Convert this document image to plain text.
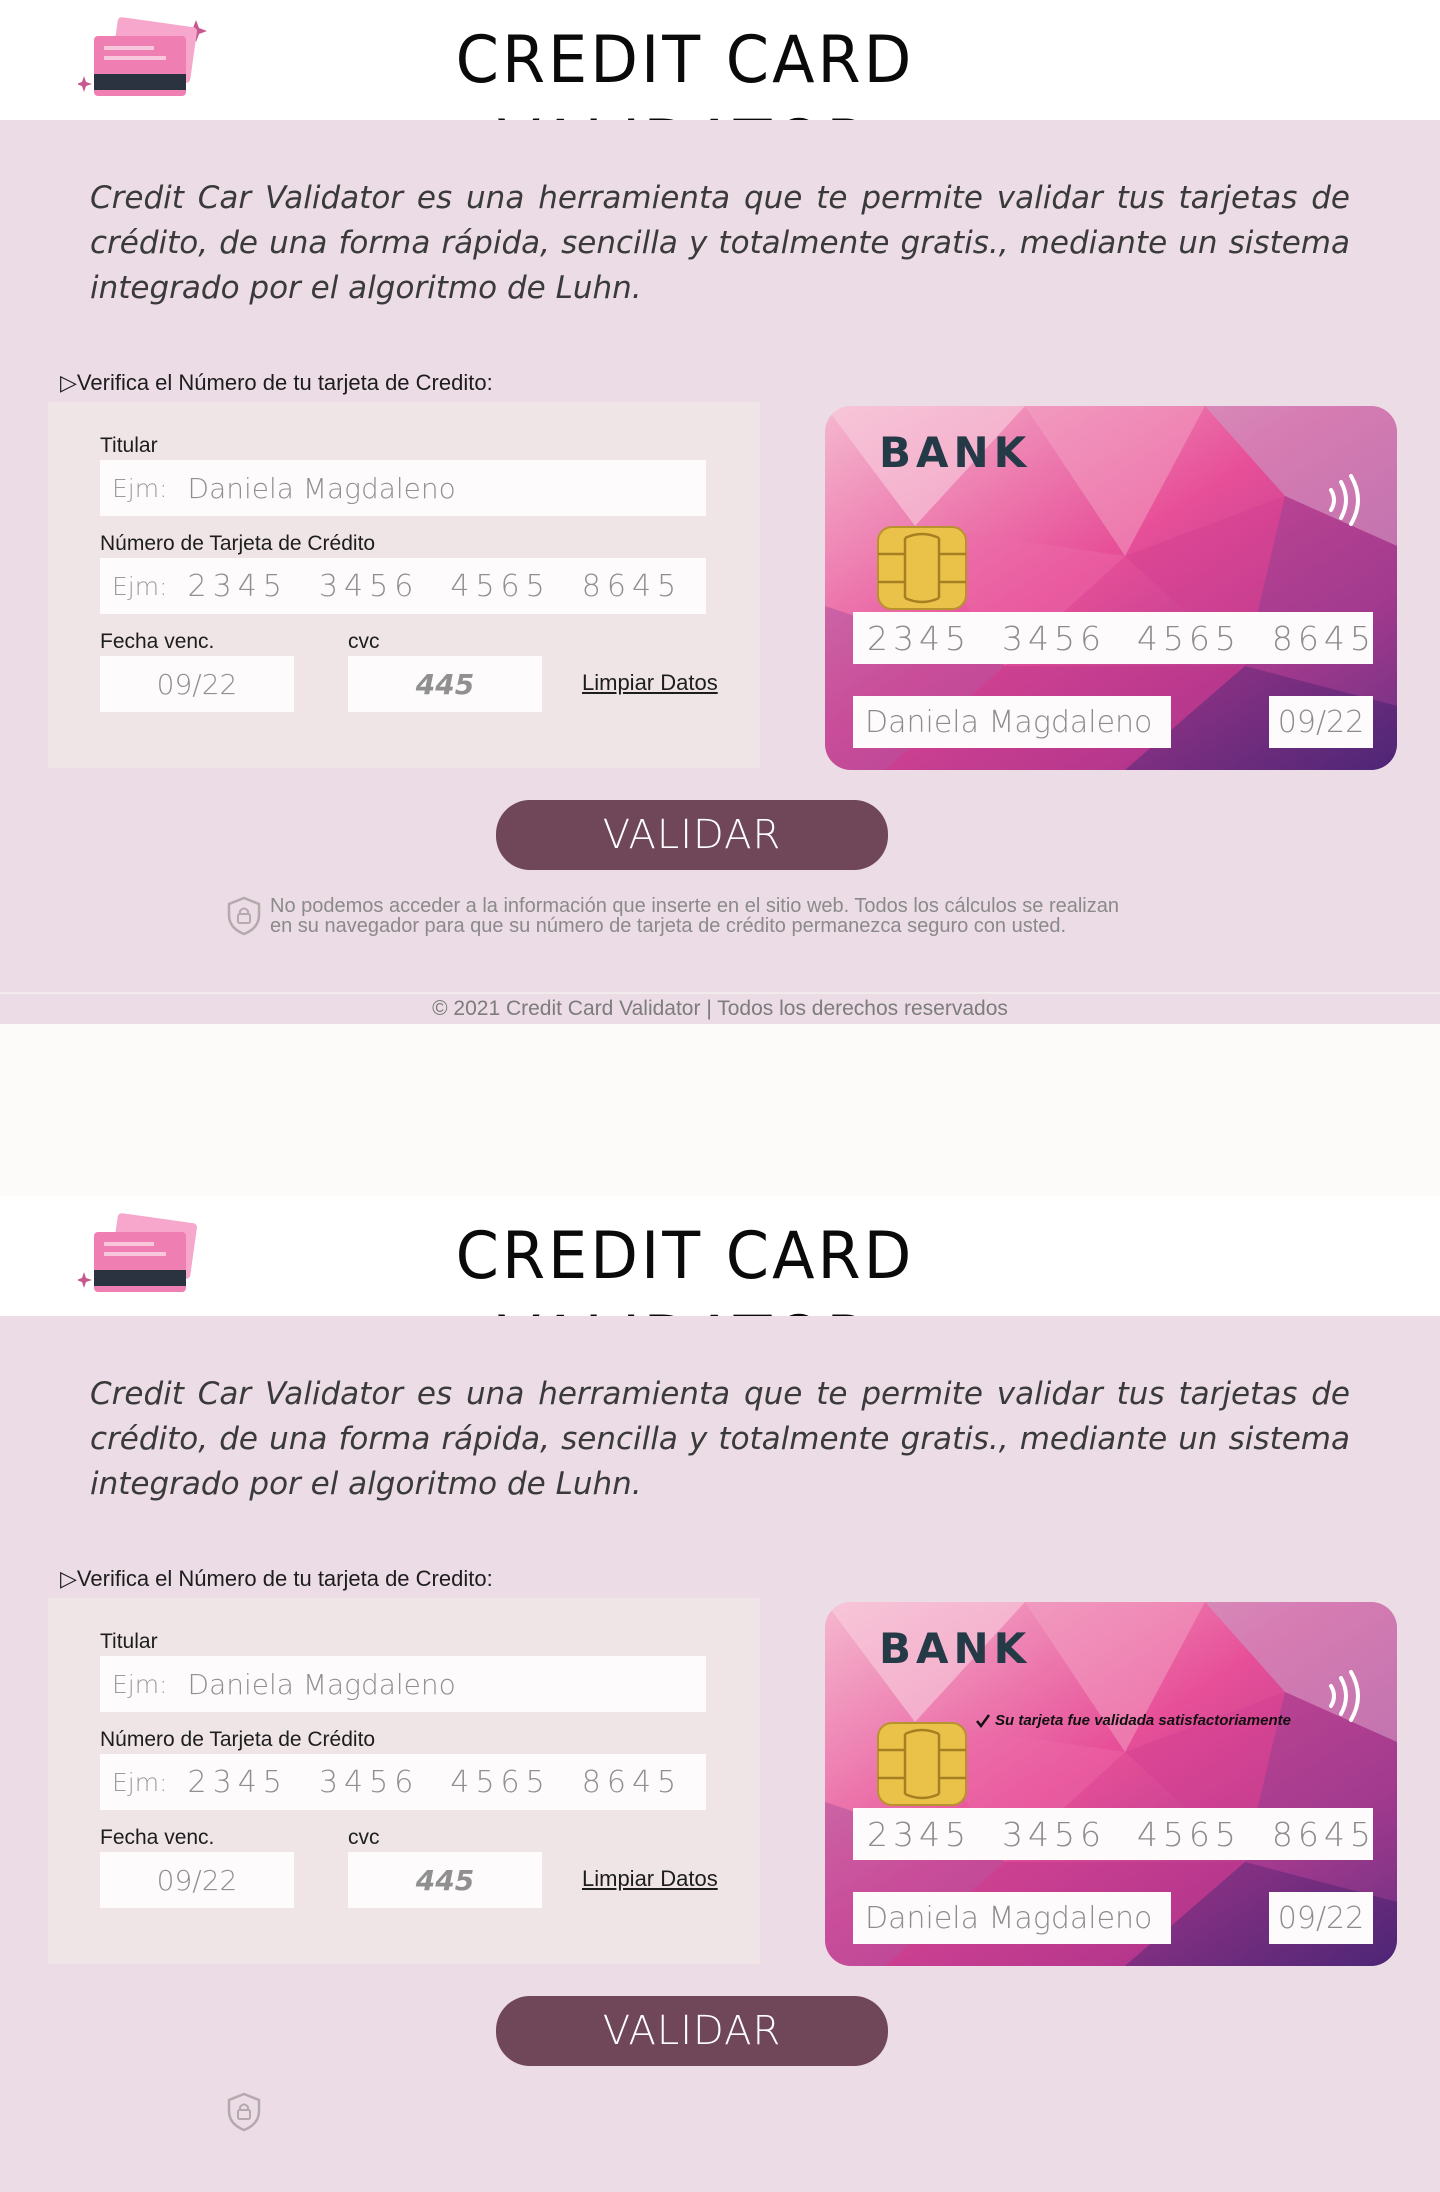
CREDIT CARD

Credit Car Validator es una herramienta que te permite validar tus tarjetas de crédito, de una forma rápida, sencilla y totalmente gratis., mediante un sistema integrado por el algoritmo de Luhn.

▷Verifica el Número de tu tarjeta de Credito:
Titular
Ejm: Daniela Magdaleno
Número de Tarjeta de Crédito
Ejm: 2345  3456  4565  8645
Fecha venc.
09/22
cvc
445	Limpiar Datos
BANK
2345  3456  4565  8645
Daniela Magdaleno	09/22
VALIDAR
No podemos acceder a la información que inserte en el sitio web. Todos los cálculos se realizan
en su navegador para que su número de tarjeta de crédito permanezca seguro con usted.
© 2021 Credit Card Validator | Todos los derechos reservados
CREDIT CARD

Credit Car Validator es una herramienta que te permite validar tus tarjetas de crédito, de una forma rápida, sencilla y totalmente gratis., mediante un sistema integrado por el algoritmo de Luhn.

▷Verifica el Número de tu tarjeta de Credito:
Titular
Ejm: Daniela Magdaleno
Número de Tarjeta de Crédito
Ejm: 2345  3456  4565  8645
Fecha venc.
09/22
cvc
445	Limpiar Datos
BANK
Su tarjeta fue validada satisfactoriamente
2345  3456  4565  8645
Daniela Magdaleno	09/22
VALIDAR
